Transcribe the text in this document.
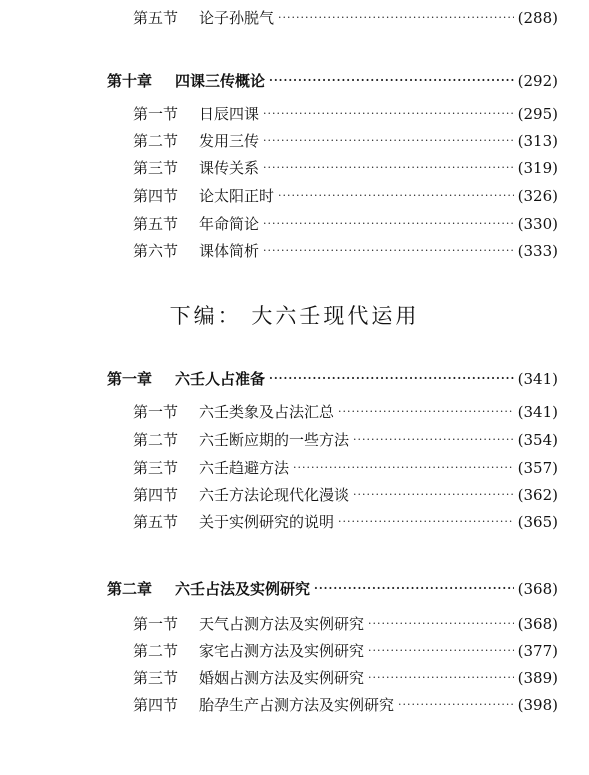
第五节	论子孙脱气 ·····	(288)
第十章	四课三传概论 ·····	(292)
第一节	日辰四课 ·····	(295)
第二节	发用三传 ·····	(313)
第三节	课传关系 ·····	(319)
第四节	论太阳正时 ·····	(326)
第五节	年命简论 ·····	(330)
第六节	课体简析 ·····	(333)
下编： 大六壬现代运用
第一章	六壬人占准备 ·····	(341)
第一节	六壬类象及占法汇总 ·····	(341)
第二节	六壬断应期的一些方法 ·····	(354)
第三节	六壬趋避方法 ·····	(357)
第四节	六壬方法论现代化漫谈 ·····	(362)
第五节	关于实例研究的说明 ·····	(365)
第二章	六壬占法及实例研究 ·····	(368)
第一节	天气占测方法及实例研究 ·····	(368)
第二节	家宅占测方法及实例研究 ·····	(377)
第三节	婚姻占测方法及实例研究 ·····	(389)
第四节	胎孕生产占测方法及实例研究 ·····	(398)
